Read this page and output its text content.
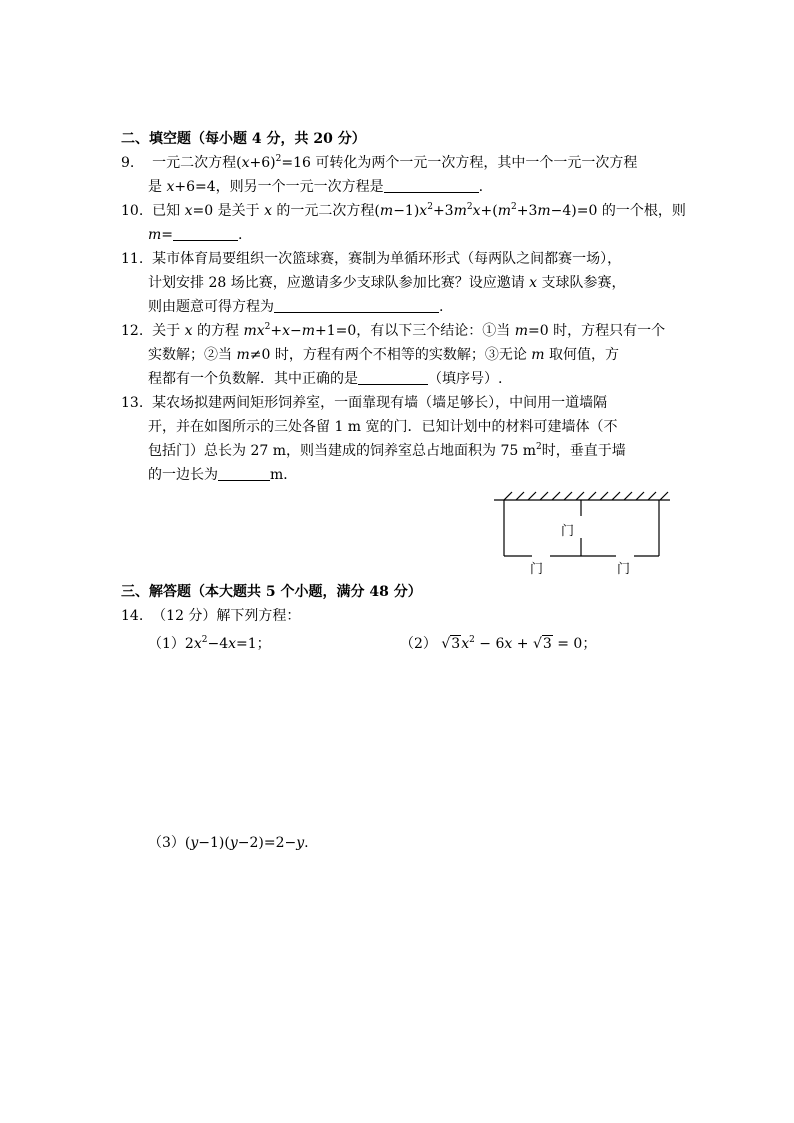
二、填空题（每小题 4 分，共 20 分）
9. 一元二次方程$(x+6)^2=16$ 可转化为两个一元一次方程，其中一个一元一次方程
是 x+6=4，则另一个一元一次方程是	.
10. 已知 x=0 是关于 x 的一元二次方程$(m-1)x^2+3m^2x+(m^2+3m-4)=0$ 的一个根，则
m=	.
11. 某市体育局要组织一次篮球赛，赛制为单循环形式（每两队之间都赛一场），
计划安排 28 场比赛，应邀请多少支球队参加比赛？设应邀请 x 支球队参赛，
则由题意可得方程为	.
12. 关于 x 的方程 $mx^2+x-m+1=0$，有以下三个结论：①当 m=0 时，方程只有一个
实数解；②当 m≠0 时，方程有两个不相等的实数解；③无论 m 取何值，方
程都有一个负数解．其中正确的是	（填序号）.
13. 某农场拟建两间矩形饲养室，一面靠现有墙（墙足够长），中间用一道墙隔
开，并在如图所示的三处各留 1 m 宽的门．已知计划中的材料可建墙体（不
包括门）总长为 27 m，则当建成的饲养室总占地面积为 75 $m^2$时，垂直于墙
的一边长为	m．
门
门	门
三、解答题（本大题共 5 个小题，满分 48 分）
14. （12 分）解下列方程：
$(1)2x^2-4x=1$；	（2） $√3x^2 - 6x + √3 = 0$；
（3）(y−1)(y−2)=2−y.
